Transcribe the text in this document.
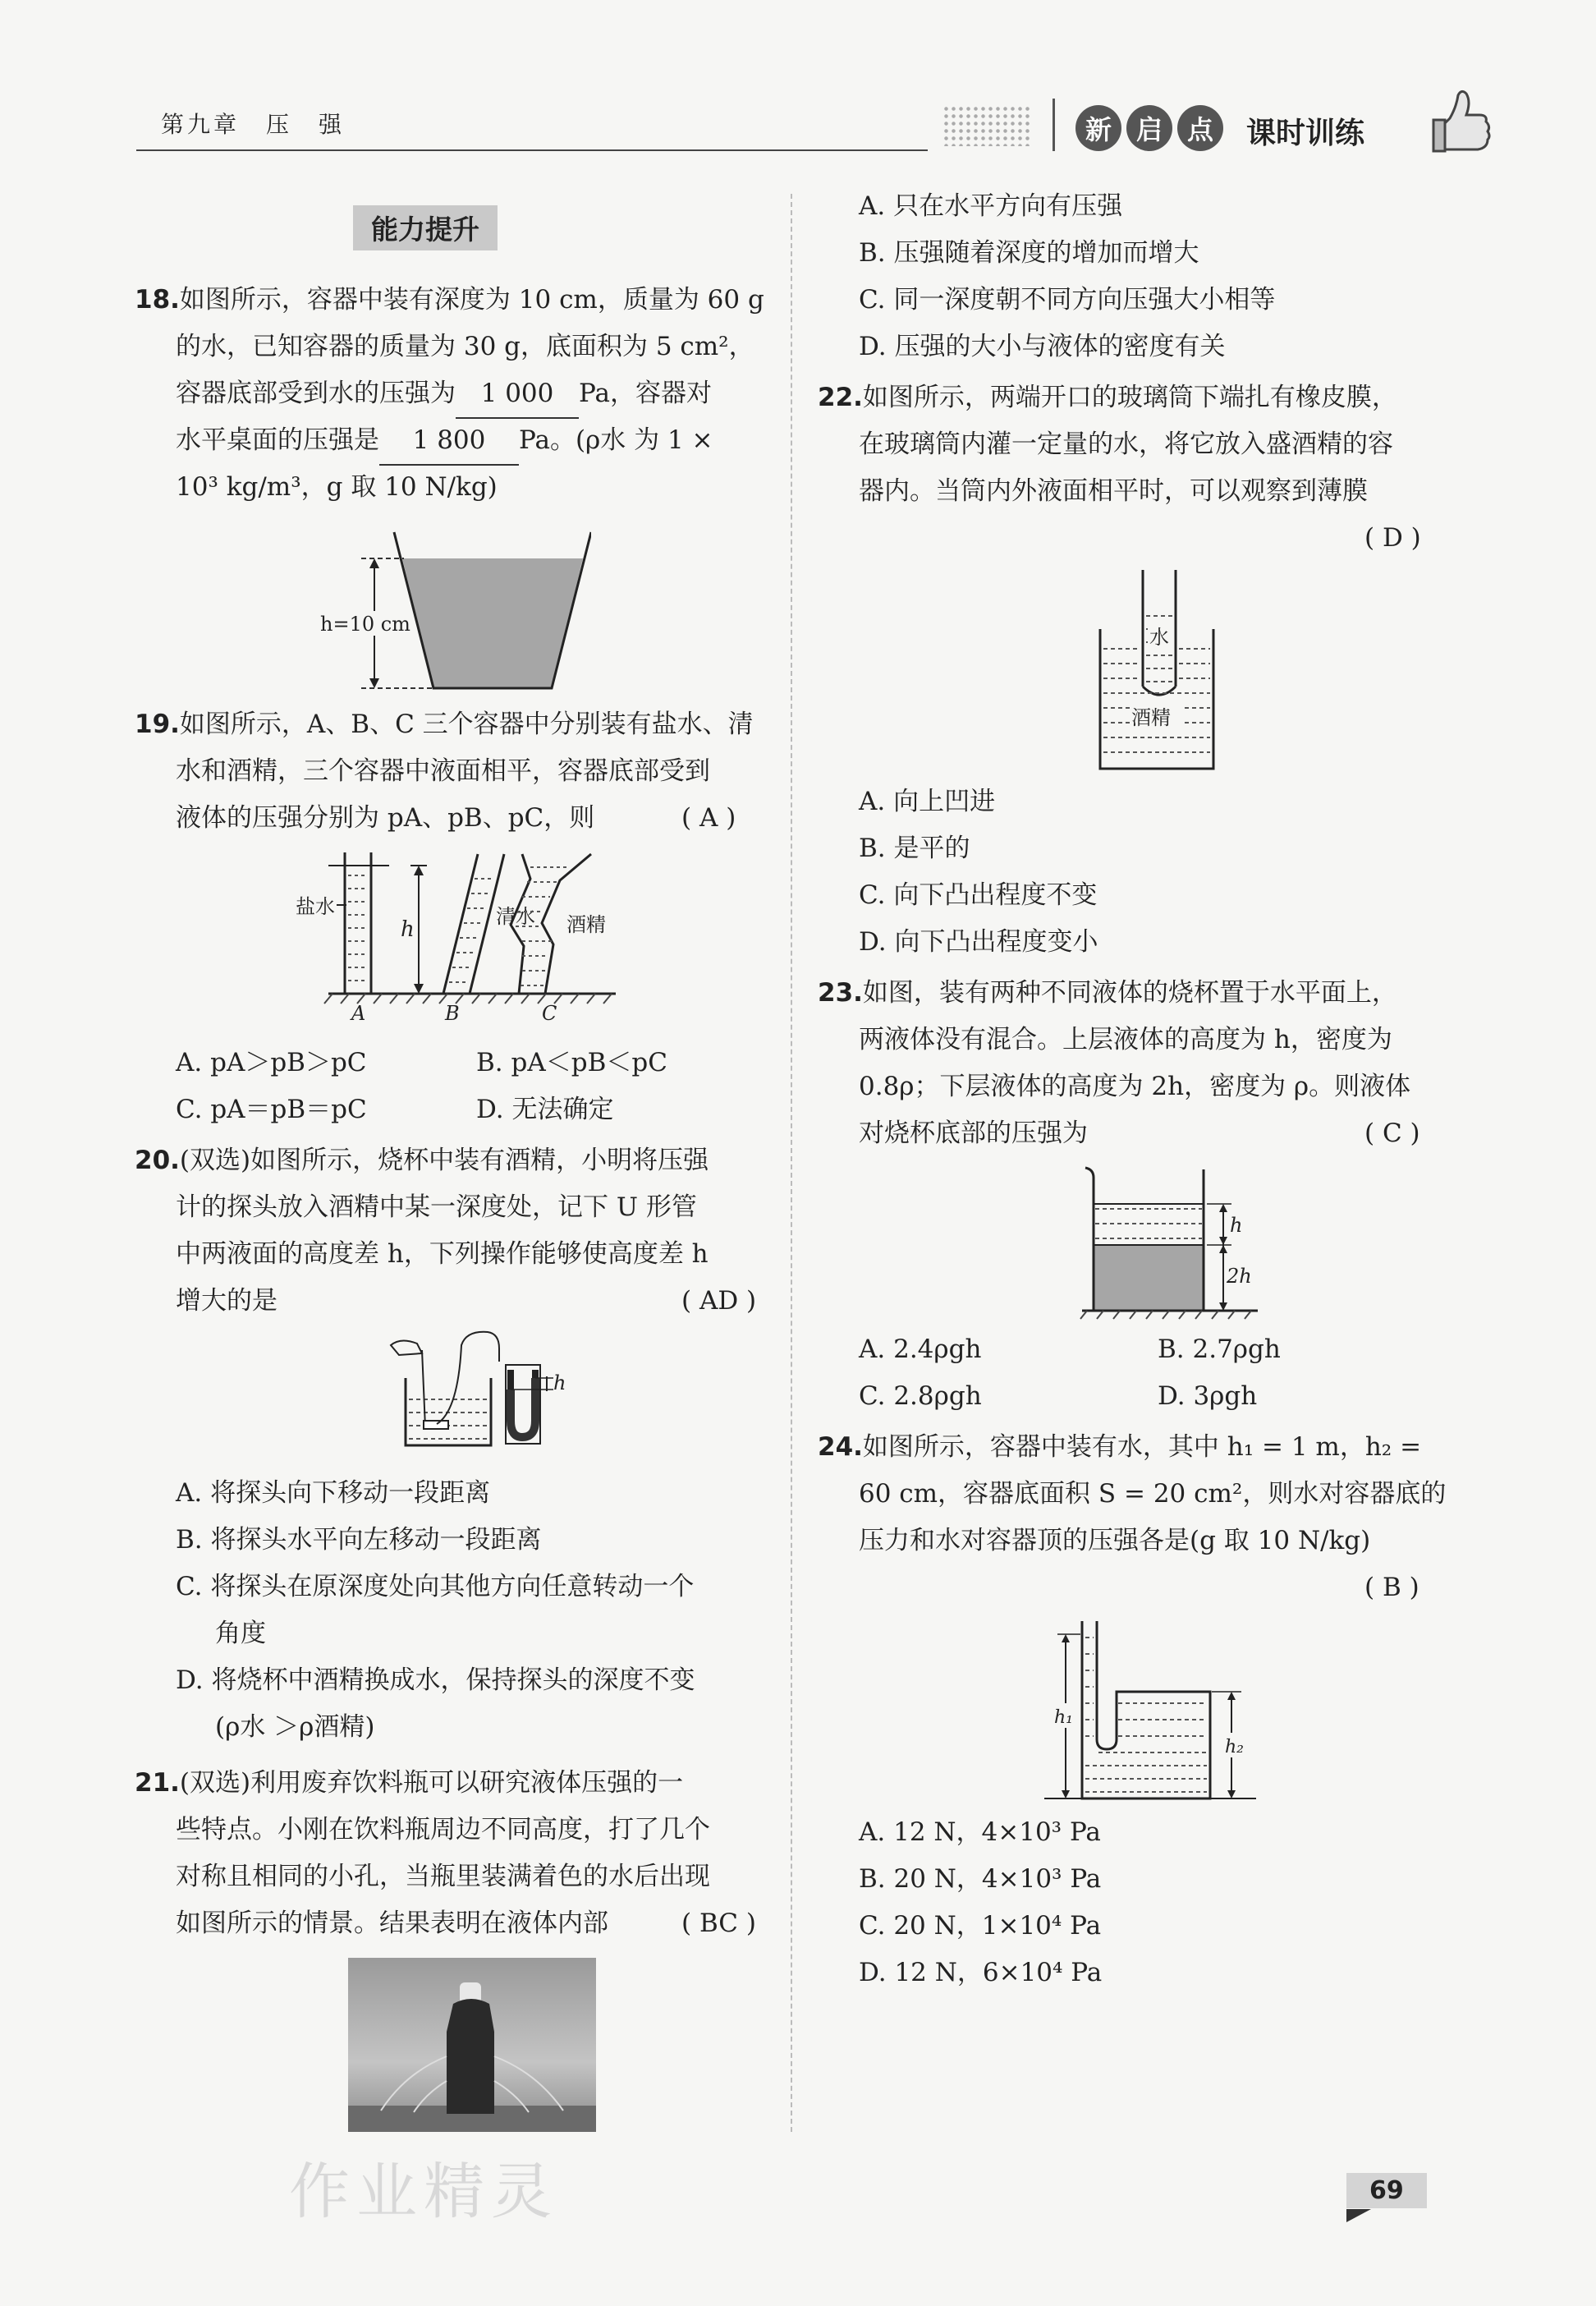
第九章　压　强	新 启 点	课时训练
能力提升
18.如图所示，容器中装有深度为 10 cm，质量为 60 g
的水，已知容器的质量为 30 g，底面积为 5 cm²，
容器底部受到水的压强为 1 000 Pa，容器对
水平桌面的压强是 1 800 Pa。(ρ水 为 1 ×
10³ kg/m³，g 取 10 N/kg)
h=10 cm
19.如图所示，A、B、C 三个容器中分别装有盐水、清
水和酒精，三个容器中液面相平，容器底部受到
液体的压强分别为 pA、pB、pC，则	( A )
盐水
h
清水 酒精
A	B	C
A. pA＞pB＞pC	B. pA＜pB＜pC
C. pA＝pB＝pC	D. 无法确定
20.(双选)如图所示，烧杯中装有酒精，小明将压强
计的探头放入酒精中某一深度处，记下 U 形管
中两液面的高度差 h，下列操作能够使高度差 h
增大的是	( AD )
h
A. 将探头向下移动一段距离
B. 将探头水平向左移动一段距离
C. 将探头在原深度处向其他方向任意转动一个
角度
D. 将烧杯中酒精换成水，保持探头的深度不变
(ρ水 ＞ρ酒精)
21.(双选)利用废弃饮料瓶可以研究液体压强的一
些特点。小刚在饮料瓶周边不同高度，打了几个
对称且相同的小孔，当瓶里装满着色的水后出现
如图所示的情景。结果表明在液体内部	( BC )
A. 只在水平方向有压强
B. 压强随着深度的增加而增大
C. 同一深度朝不同方向压强大小相等
D. 压强的大小与液体的密度有关
22.如图所示，两端开口的玻璃筒下端扎有橡皮膜，
在玻璃筒内灌一定量的水，将它放入盛酒精的容
器内。当筒内外液面相平时，可以观察到薄膜
( D )
水
酒精
A. 向上凹进
B. 是平的
C. 向下凸出程度不变
D. 向下凸出程度变小
23.如图，装有两种不同液体的烧杯置于水平面上，
两液体没有混合。上层液体的高度为 h，密度为
0.8ρ；下层液体的高度为 2h，密度为 ρ。则液体
对烧杯底部的压强为	( C )
h
2h
A. 2.4ρgh	B. 2.7ρgh
C. 2.8ρgh	D. 3ρgh
24.如图所示，容器中装有水，其中 h₁ = 1 m，h₂ =
60 cm，容器底面积 S = 20 cm²，则水对容器底的
压力和水对容器顶的压强各是(g 取 10 N/kg)
( B )
h₁
h₂
A. 12 N，4×10³ Pa
B. 20 N，4×10³ Pa
C. 20 N，1×10⁴ Pa
D. 12 N，6×10⁴ Pa
作业精灵	69
